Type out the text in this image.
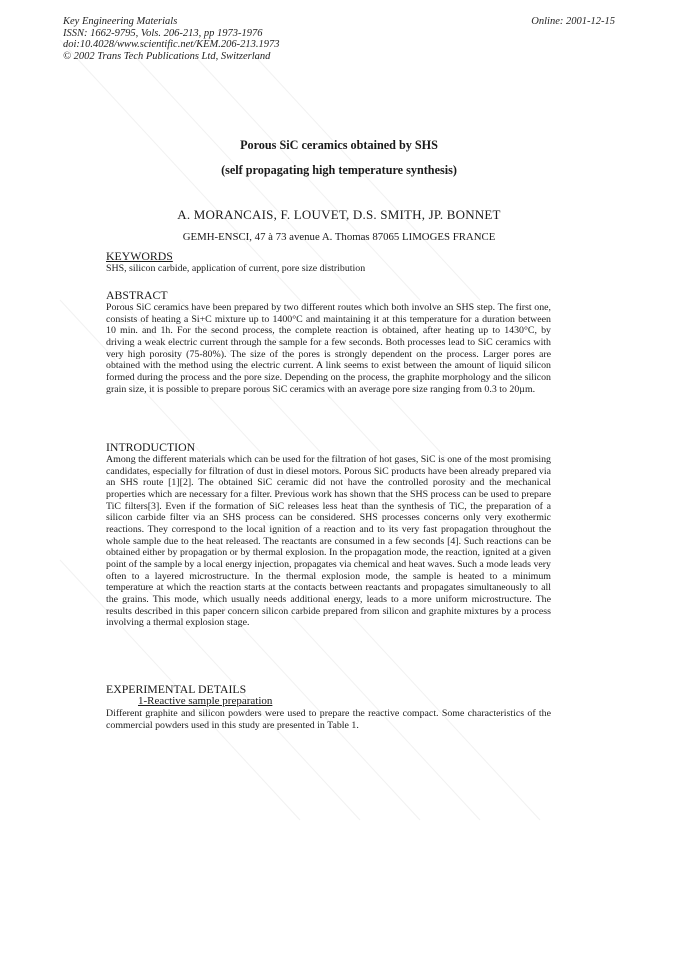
Key Engineering Materials
ISSN: 1662-9795, Vols. 206-213, pp 1973-1976
doi:10.4028/www.scientific.net/KEM.206-213.1973
© 2002 Trans Tech Publications Ltd, Switzerland
Online: 2001-12-15
Porous SiC ceramics obtained by SHS
(self propagating high temperature synthesis)
A. MORANCAIS, F. LOUVET, D.S. SMITH, JP. BONNET
GEMH-ENSCI, 47 à 73 avenue A. Thomas 87065 LIMOGES FRANCE
KEYWORDS
SHS, silicon carbide, application of current, pore size distribution
ABSTRACT
Porous SiC ceramics have been prepared by two different routes which both involve an SHS step. The first one, consists of heating a Si+C mixture up to 1400°C and maintaining it at this temperature for a duration between 10 min. and 1h. For the second process, the complete reaction is obtained, after heating up to 1430°C, by driving a weak electric current through the sample for a few seconds. Both processes lead to SiC ceramics with very high porosity (75-80%). The size of the pores is strongly dependent on the process. Larger pores are obtained with the method using the electric current. A link seems to exist between the amount of liquid silicon formed during the process and the pore size. Depending on the process, the graphite morphology and the silicon grain size, it is possible to prepare porous SiC ceramics with an average pore size ranging from 0.3 to 20µm.
INTRODUCTION
Among the different materials which can be used for the filtration of hot gases, SiC is one of the most promising candidates, especially for filtration of dust in diesel motors. Porous SiC products have been already prepared via an SHS route [1][2]. The obtained SiC ceramic did not have the controlled porosity and the mechanical properties which are necessary for a filter. Previous work has shown that the SHS process can be used to prepare TiC filters[3]. Even if the formation of SiC releases less heat than the synthesis of TiC, the preparation of a silicon carbide filter via an SHS process can be considered. SHS processes concerns only very exothermic reactions. They correspond to the local ignition of a reaction and to its very fast propagation throughout the whole sample due to the heat released. The reactants are consumed in a few seconds [4]. Such reactions can be obtained either by propagation or by thermal explosion. In the propagation mode, the reaction, ignited at a given point of the sample by a local energy injection, propagates via chemical and heat waves. Such a mode leads very often to a layered microstructure. In the thermal explosion mode, the sample is heated to a minimum temperature at which the reaction starts at the contacts between reactants and propagates simultaneously to all the grains. This mode, which usually needs additional energy, leads to a more uniform microstructure. The results described in this paper concern silicon carbide prepared from silicon and graphite mixtures by a process involving a thermal explosion stage.
EXPERIMENTAL DETAILS
1-Reactive sample preparation
Different graphite and silicon powders were used to prepare the reactive compact. Some characteristics of the commercial powders used in this study are presented in Table 1.
